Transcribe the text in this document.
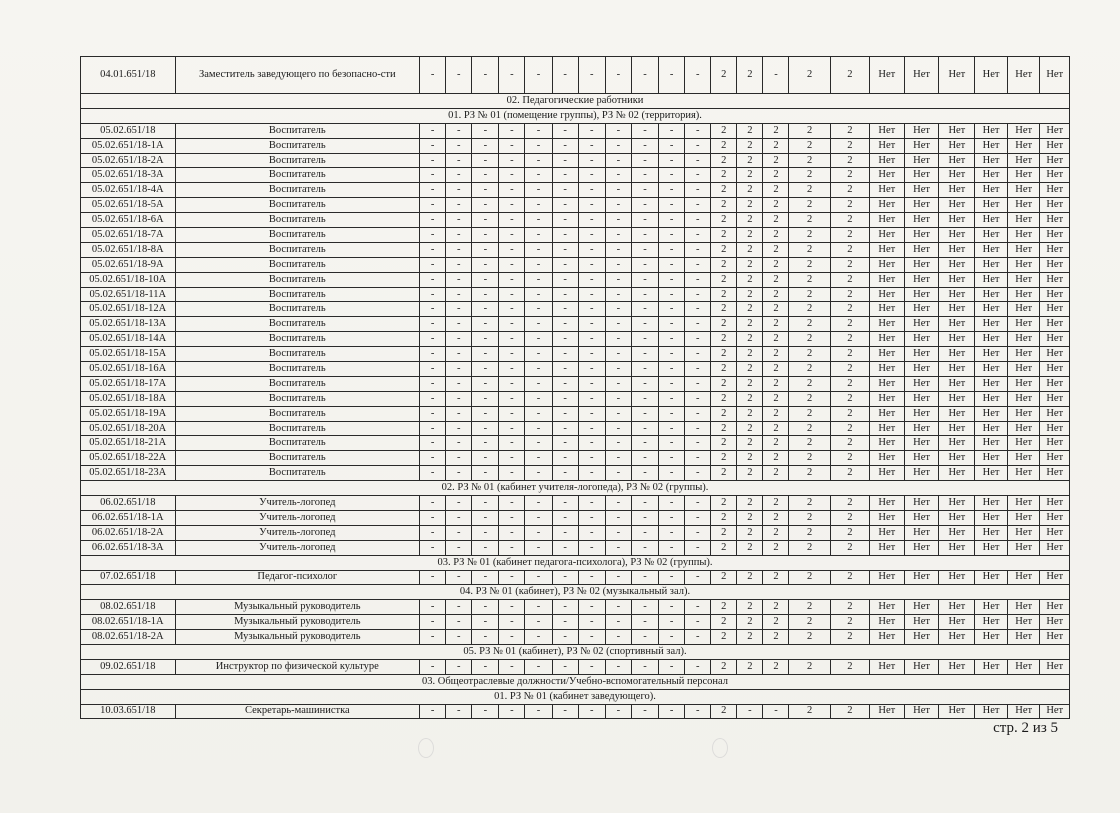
04.01.651/18	Заместитель заведующего по безопасно-сти	-	-	-	-	-	-	-	-	-	-	-	2	2	-	2	2	Нет	Нет	Нет	Нет	Нет	Нет
02. Педагогические работники																							
01. РЗ № 01 (помещение группы), РЗ № 02 (территория).																							
05.02.651/18	Воспитатель	-	-	-	-	-	-	-	-	-	-	-	2	2	2	2	2	Нет	Нет	Нет	Нет	Нет	Нет
05.02.651/18-1А	Воспитатель	-	-	-	-	-	-	-	-	-	-	-	2	2	2	2	2	Нет	Нет	Нет	Нет	Нет	Нет
05.02.651/18-2А	Воспитатель	-	-	-	-	-	-	-	-	-	-	-	2	2	2	2	2	Нет	Нет	Нет	Нет	Нет	Нет
05.02.651/18-3А	Воспитатель	-	-	-	-	-	-	-	-	-	-	-	2	2	2	2	2	Нет	Нет	Нет	Нет	Нет	Нет
05.02.651/18-4А	Воспитатель	-	-	-	-	-	-	-	-	-	-	-	2	2	2	2	2	Нет	Нет	Нет	Нет	Нет	Нет
05.02.651/18-5А	Воспитатель	-	-	-	-	-	-	-	-	-	-	-	2	2	2	2	2	Нет	Нет	Нет	Нет	Нет	Нет
05.02.651/18-6А	Воспитатель	-	-	-	-	-	-	-	-	-	-	-	2	2	2	2	2	Нет	Нет	Нет	Нет	Нет	Нет
05.02.651/18-7А	Воспитатель	-	-	-	-	-	-	-	-	-	-	-	2	2	2	2	2	Нет	Нет	Нет	Нет	Нет	Нет
05.02.651/18-8А	Воспитатель	-	-	-	-	-	-	-	-	-	-	-	2	2	2	2	2	Нет	Нет	Нет	Нет	Нет	Нет
05.02.651/18-9А	Воспитатель	-	-	-	-	-	-	-	-	-	-	-	2	2	2	2	2	Нет	Нет	Нет	Нет	Нет	Нет
05.02.651/18-10А	Воспитатель	-	-	-	-	-	-	-	-	-	-	-	2	2	2	2	2	Нет	Нет	Нет	Нет	Нет	Нет
05.02.651/18-11А	Воспитатель	-	-	-	-	-	-	-	-	-	-	-	2	2	2	2	2	Нет	Нет	Нет	Нет	Нет	Нет
05.02.651/18-12А	Воспитатель	-	-	-	-	-	-	-	-	-	-	-	2	2	2	2	2	Нет	Нет	Нет	Нет	Нет	Нет
05.02.651/18-13А	Воспитатель	-	-	-	-	-	-	-	-	-	-	-	2	2	2	2	2	Нет	Нет	Нет	Нет	Нет	Нет
05.02.651/18-14А	Воспитатель	-	-	-	-	-	-	-	-	-	-	-	2	2	2	2	2	Нет	Нет	Нет	Нет	Нет	Нет
05.02.651/18-15А	Воспитатель	-	-	-	-	-	-	-	-	-	-	-	2	2	2	2	2	Нет	Нет	Нет	Нет	Нет	Нет
05.02.651/18-16А	Воспитатель	-	-	-	-	-	-	-	-	-	-	-	2	2	2	2	2	Нет	Нет	Нет	Нет	Нет	Нет
05.02.651/18-17А	Воспитатель	-	-	-	-	-	-	-	-	-	-	-	2	2	2	2	2	Нет	Нет	Нет	Нет	Нет	Нет
05.02.651/18-18А	Воспитатель	-	-	-	-	-	-	-	-	-	-	-	2	2	2	2	2	Нет	Нет	Нет	Нет	Нет	Нет
05.02.651/18-19А	Воспитатель	-	-	-	-	-	-	-	-	-	-	-	2	2	2	2	2	Нет	Нет	Нет	Нет	Нет	Нет
05.02.651/18-20А	Воспитатель	-	-	-	-	-	-	-	-	-	-	-	2	2	2	2	2	Нет	Нет	Нет	Нет	Нет	Нет
05.02.651/18-21А	Воспитатель	-	-	-	-	-	-	-	-	-	-	-	2	2	2	2	2	Нет	Нет	Нет	Нет	Нет	Нет
05.02.651/18-22А	Воспитатель	-	-	-	-	-	-	-	-	-	-	-	2	2	2	2	2	Нет	Нет	Нет	Нет	Нет	Нет
05.02.651/18-23А	Воспитатель	-	-	-	-	-	-	-	-	-	-	-	2	2	2	2	2	Нет	Нет	Нет	Нет	Нет	Нет
02. РЗ № 01 (кабинет учителя-логопеда), РЗ № 02 (группы).																							
06.02.651/18	Учитель-логопед	-	-	-	-	-	-	-	-	-	-	-	2	2	2	2	2	Нет	Нет	Нет	Нет	Нет	Нет
06.02.651/18-1А	Учитель-логопед	-	-	-	-	-	-	-	-	-	-	-	2	2	2	2	2	Нет	Нет	Нет	Нет	Нет	Нет
06.02.651/18-2А	Учитель-логопед	-	-	-	-	-	-	-	-	-	-	-	2	2	2	2	2	Нет	Нет	Нет	Нет	Нет	Нет
06.02.651/18-3А	Учитель-логопед	-	-	-	-	-	-	-	-	-	-	-	2	2	2	2	2	Нет	Нет	Нет	Нет	Нет	Нет
03. РЗ № 01 (кабинет педагога-психолога), РЗ № 02 (группы).																							
07.02.651/18	Педагог-психолог	-	-	-	-	-	-	-	-	-	-	-	2	2	2	2	2	Нет	Нет	Нет	Нет	Нет	Нет
04. РЗ № 01 (кабинет), РЗ № 02 (музыкальный зал).																							
08.02.651/18	Музыкальный руководитель	-	-	-	-	-	-	-	-	-	-	-	2	2	2	2	2	Нет	Нет	Нет	Нет	Нет	Нет
08.02.651/18-1А	Музыкальный руководитель	-	-	-	-	-	-	-	-	-	-	-	2	2	2	2	2	Нет	Нет	Нет	Нет	Нет	Нет
08.02.651/18-2А	Музыкальный руководитель	-	-	-	-	-	-	-	-	-	-	-	2	2	2	2	2	Нет	Нет	Нет	Нет	Нет	Нет
05. РЗ № 01 (кабинет), РЗ № 02 (спортивный зал).																							
09.02.651/18	Инструктор по физической культуре	-	-	-	-	-	-	-	-	-	-	-	2	2	2	2	2	Нет	Нет	Нет	Нет	Нет	Нет
03. Общеотраслевые должности/Учебно-вспомогательный персонал																							
01. РЗ № 01 (кабинет заведующего).																							
10.03.651/18	Секретарь-машинистка	-	-	-	-	-	-	-	-	-	-	-	2	-	-	2	2	Нет	Нет	Нет	Нет	Нет	Нет
стр. 2 из 5
